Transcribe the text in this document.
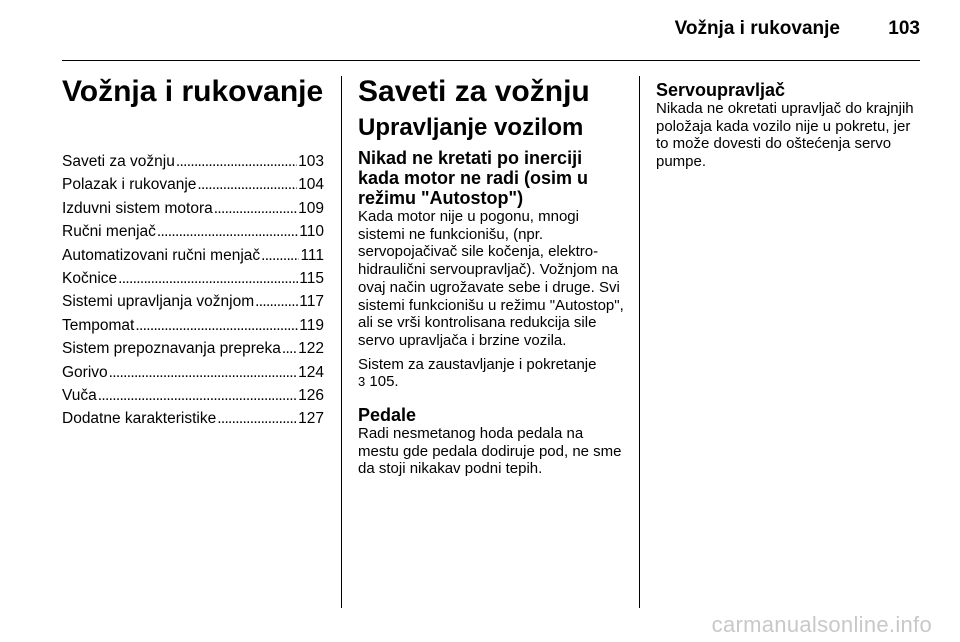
Vožnja i rukovanje	103
Vožnja i rukovanje
Saveti za vožnju . . .	103
Polazak i rukovanje . . .	104
Izduvni sistem motora . . .	109
Ručni menjač . . .	110
Automatizovani ručni menjač . . .	111
Kočnice . . .	115
Sistemi upravljanja vožnjom . . .	117
Tempomat . . .	119
Sistem prepoznavanja prepreka . . . 122
Gorivo . . .	124
Vuča . . .	126
Dodatne karakteristike . . .	127
Saveti za vožnju
Upravljanje vozilom
Nikad ne kretati po inerciji kada motor ne radi (osim u režimu "Autostop")

Kada motor nije u pogonu, mnogi sistemi ne funkcionišu, (npr. servopojačivač sile kočenja, elektro-hidraulični servoupravljač). Vožnjom na ovaj način ugrožavate sebe i druge. Svi sistemi funkcionišu u režimu "Autostop", ali se vrši kontrolisana redukcija sile servo upravljača i brzine vozila.

Sistem za zaustavljanje i pokretanje
3 105.

Pedale

Radi nesmetanog hoda pedala na mestu gde pedala dodiruje pod, ne sme da stoji nikakav podni tepih.

Servoupravljač

Nikada ne okretati upravljač do krajnjih položaja kada vozilo nije u pokretu, jer to može dovesti do oštećenja servo pumpe.

carmanualsonline.info
